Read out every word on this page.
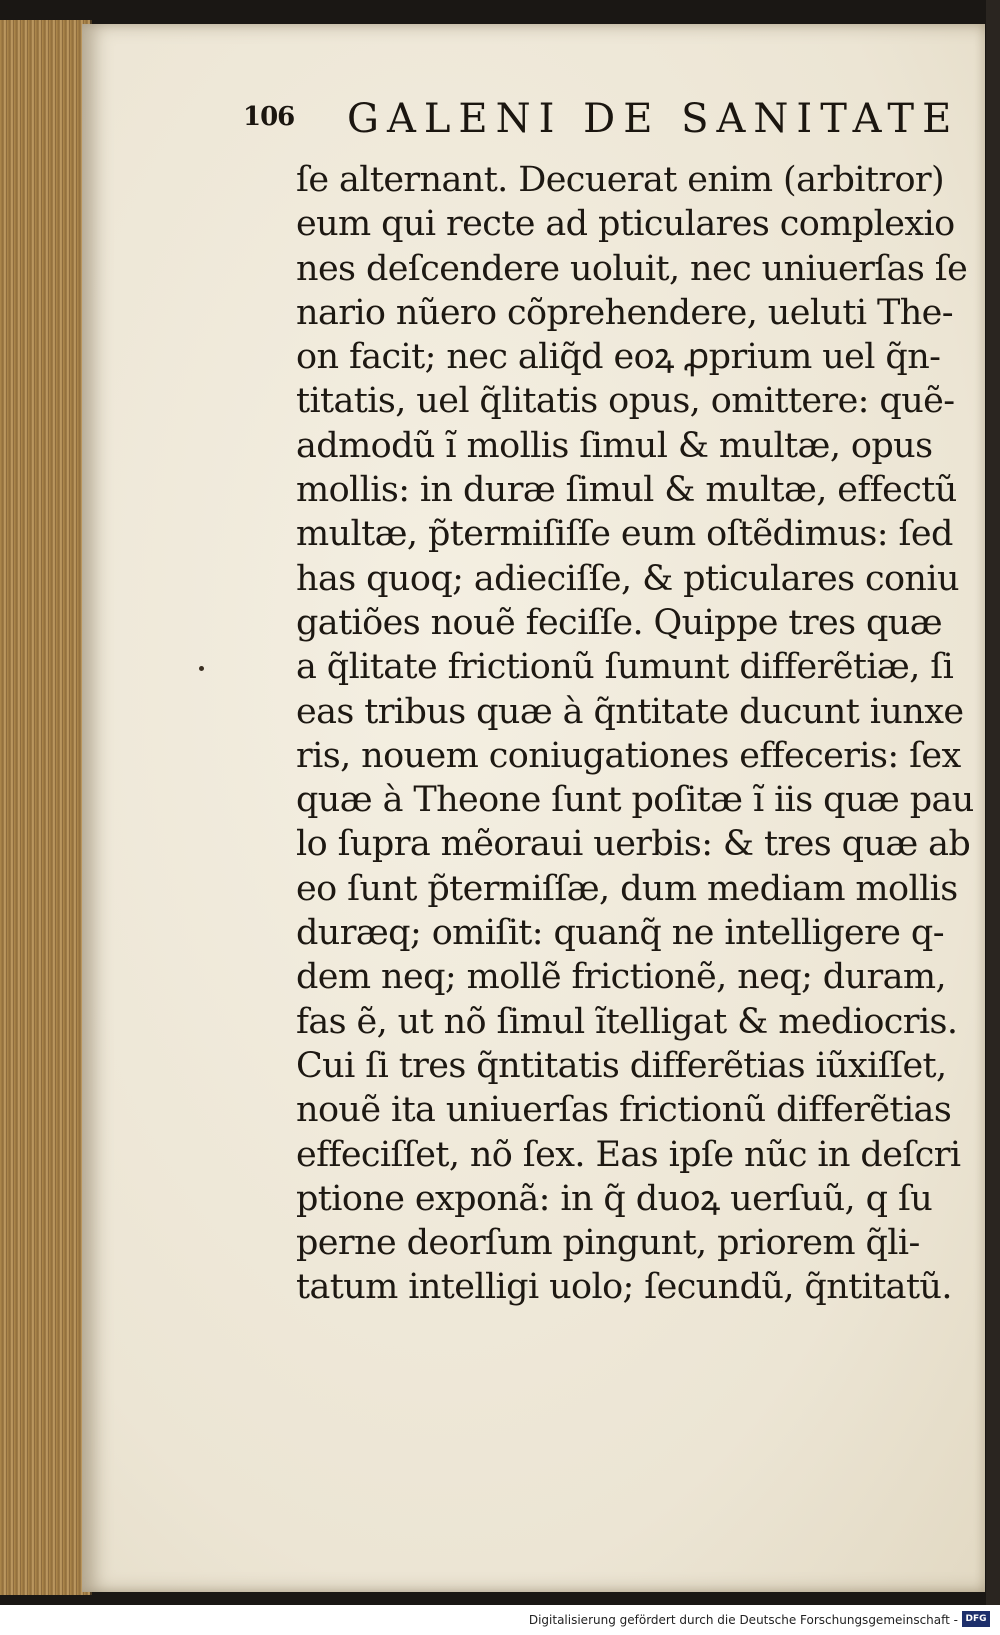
106 GALENI DE SANITATE
ſe alternant. Decuerat enim (arbitror)
eum qui recte ad pticulares complexio
nes deſcendere uoluit, nec uniuerſas ſe
nario nũero cõprehendere, ueluti The-
on facit; nec aliq̃d eoꝝ ꝓprium uel q̃n-
titatis, uel q̃litatis opus, omittere: quẽ-
admodũ ĩ mollis ſimul & multæ, opus
mollis: in duræ ſimul & multæ, effectũ
multæ, p̃termiſiſſe eum oſtẽdimus: ſed
has quoq; adieciſſe, & pticulares coniu
gatiões nouẽ feciſſe. Quippe tres quæ
a q̃litate frictionũ ſumunt differẽtiæ, ſi
eas tribus quæ à q̃ntitate ducunt iunxe
ris, nouem coniugationes effeceris: ſex
quæ à Theone ſunt poſitæ ĩ iis quæ pau
lo ſupra mẽoraui uerbis: & tres quæ ab
eo ſunt p̃termiſſæ, dum mediam mollis
duræq; omiſit: quanq̃ ne intelligere q-
dem neq; mollẽ frictionẽ, neq; duram,
fas ẽ, ut nõ ſimul ĩtelligat & mediocris.
Cui ſi tres q̃ntitatis differẽtias iũxiſſet,
nouẽ ita uniuerſas frictionũ differẽtias
effeciſſet, nõ ſex. Eas ipſe nũc in deſcri
ptione exponã: in q̃ duoꝝ uerſuũ, q ſu
perne deorſum pingunt, priorem q̃li-
tatum intelligi uolo; ſecundũ, q̃ntitatũ.
Digitalisierung gefördert durch die Deutsche Forschungsgemeinschaft - DFG
